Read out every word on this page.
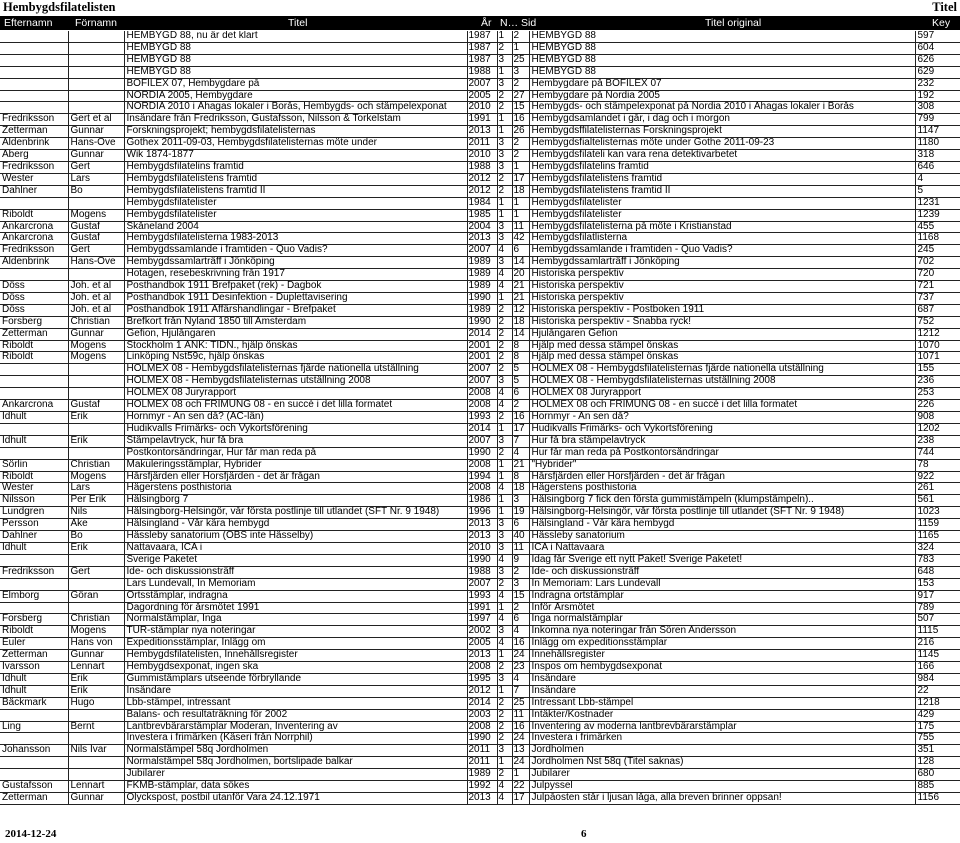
Hembygdsfilatelisten	Titel
Efternamn Förnamn	Titel	År N… Sid	Titel original	Key
		HEMBYGD 88, nu är det klart	1987	1	2	HEMBYGD 88	597
		HEMBYGD 88	1987	2	1	HEMBYGD 88	604
		HEMBYGD 88	1987	3	25	HEMBYGD 88	626
		HEMBYGD 88	1988	1	3	HEMBYGD 88	629
		BOFILEX 07, Hembygdare på	2007	3	2	Hembygdare på BOFILEX 07	232
		NORDIA 2005, Hembygdare	2005	2	27	Hembygdare på Nordia 2005	192
		NORDIA 2010 i Åhagas lokaler i Borås, Hembygds- och stämpelexponat	2010	2	15	Hembygds- och stämpelexponat på Nordia 2010 i Åhagas lokaler i Borås	308
Fredriksson	Gert et al	Insändare från Fredriksson, Gustafsson, Nilsson & Torkelstam	1991	1	16	Hembygdsamlandet i går, i dag och i morgon	799
Zetterman	Gunnar	Forskningsprojekt; hembygdsfilatelisternas	2013	1	26	Hembygdsffilatelisternas Forskningsprojekt	1147
Aldenbrink	Hans-Ove	Gothex 2011-09-03, Hembygdsfilatelisternas möte under	2011	3	2	Hembygdsfialtelisternas möte under Gothe 2011-09-23	1180
Åberg	Gunnar	Wik 1874-1877	2010	3	2	Hembygdsfilateli kan vara rena detektivarbetet	318
Fredriksson	Gert	Hembygdsfilatelins framtid	1988	3	1	Hembygdsfilatelins framtid	646
Wester	Lars	Hembygdsfilatelistens framtid	2012	2	17	Hembygdsfilatelistens framtid	4
Dahlner	Bo	Hembygdsfilatelistens framtid II	2012	2	18	Hembygdsfilatelistens framtid II	5
		Hembygdsfilatelister	1984	1	1	Hembygdsfilatelister	1231
Riboldt	Mogens	Hembygdsfilatelister	1985	1	1	Hembygdsfilatelister	1239
Ankarcrona	Gustaf	Skåneland 2004	2004	3	11	Hembygdsfilatelisterna på möte i Kristianstad	455
Ankarcrona	Gustaf	Hembygdsfilatelisterna 1983-2013	2013	3	42	Hembygdsfilatlisterna	1168
Fredriksson	Gert	Hembygdssamlande i framtiden - Quo Vadis?	2007	4	6	Hembygdssamlande i framtiden - Quo Vadis?	245
Aldenbrink	Hans-Ove	Hembygdssamlarträff i Jönköping	1989	3	14	Hembygdssamlarträff i Jönköping	702
		Hotagen, resebeskrivning från 1917	1989	4	20	Historiska perspektiv	720
Döss	Joh. et al	Posthandbok 1911 Brefpaket (rek) - Dagbok	1989	4	21	Historiska perspektiv	721
Döss	Joh. et al	Posthandbok 1911 Desinfektion - Duplettavisering	1990	1	21	Historiska perspektiv	737
Döss	Joh. et al	Posthandbok 1911 Affärshandlingar - Brefpaket	1989	2	12	Historiska perspektiv - Postboken 1911	687
Forsberg	Christian	Brefkort från Nyland 1850 till Amsterdam	1990	2	18	Historiska perspektiv - Snabba ryck!	752
Zetterman	Gunnar	Gefion, Hjulångaren	2014	2	14	Hjulångaren Gefion	1212
Riboldt	Mogens	Stockholm 1 ÄNK: TIDN., hjälp önskas	2001	2	8	Hjälp med dessa stämpel önskas	1070
Riboldt	Mogens	Linköping Nst59c, hjälp önskas	2001	2	8	Hjälp med dessa stämpel önskas	1071
		HOLMEX 08 - Hembygdsfilatelisternas fjärde nationella utställning	2007	2	5	HOLMEX 08 - Hembygdsfilatelisternas fjärde nationella utställning	155
		HOLMEX 08 - Hembygdsfilatelisternas utställning 2008	2007	3	5	HOLMEX 08 - Hembygdsfilatelisternas utställning 2008	236
		HOLMEX 08 Juryrapport	2008	4	6	HOLMEX 08 Juryrapport	253
Ankarcrona	Gustaf	HOLMEX 08 och FRIMUNG 08 - en succé i det lilla formatet	2008	4	2	HOLMEX 08 och FRIMUNG 08 - en succé i det lilla formatet	226
Idhult	Erik	Hornmyr - An sen då? (AC-län)	1993	2	16	Hornmyr - An sen då?	908
		Hudikvalls Frimärks- och Vykortsförening	2014	1	17	Hudikvalls Frimärks- och Vykortsförening	1202
Idhult	Erik	Stämpelavtryck, hur få bra	2007	3	7	Hur få bra stämpelavtryck	238
		Postkontorsändringar, Hur får man reda på	1990	2	4	Hur får man reda på Postkontorsändringar	744
Sörlin	Christian	Makuleringsstämplar, Hybrider	2008	1	21	"Hybrider"	78
Riboldt	Mogens	Hårsfjärden eller Horsfjärden - det är frågan	1994	1	8	Hårsfjärden eller Horsfjärden - det är frågan	922
Wester	Lars	Hägerstens posthistoria	2008	4	18	Hägerstens posthistoria	261
Nilsson	Per Erik	Hälsingborg 7	1986	1	3	Hälsingborg 7 fick den första gummistämpeln (klumpstämpeln)..	561
Lundgren	Nils	Hälsingborg-Helsingör, vår första postlinje till utlandet (SFT Nr. 9 1948)	1996	1	19	Hälsingborg-Helsingör, vår första postlinje till utlandet (SFT Nr. 9 1948)	1023
Persson	Åke	Hälsingland - Vår kära hembygd	2013	3	6	Hälsingland - Vår kära hembygd	1159
Dahlner	Bo	Hässleby sanatorium (OBS inte Hässelby)	2013	3	40	Hässleby sanatorium	1165
Idhult	Erik	Nattavaara, ICA i	2010	3	11	ICA i Nattavaara	324
		Sverige Paketet	1990	4	9	Idag får Sverige ett nytt Paket! Sverige Paketet!	783
Fredriksson	Gert	Ide- och diskussionsträff	1988	3	2	Ide- och diskussionsträff	648
		Lars Lundevall, In Memoriam	2007	2	3	In Memoriam: Lars Lundevall	153
Elmborg	Göran	Ortsstämplar, indragna	1993	4	15	Indragna ortstämplar	917
		Dagordning för årsmötet 1991	1991	1	2	Inför Årsmötet	789
Forsberg	Christian	Normalstämplar, Inga	1997	4	6	Inga normalstämplar	507
Riboldt	Mogens	TUR-stämplar nya noteringar	2002	3	4	Inkomna nya noteringar från Sören Andersson	1115
Euler	Hans von	Expeditionsstämplar, Inlägg om	2005	4	16	Inlägg om expeditionsstämplar	216
Zetterman	Gunnar	Hembygdsfilatelisten, Innehållsregister	2013	1	24	Innehållsregister	1145
Ivarsson	Lennart	Hembygdsexponat, ingen ska	2008	2	23	Inspos om hembygdsexponat	166
Idhult	Erik	Gummistämplars utseende förbryllande	1995	3	4	Insändare	984
Idhult	Erik	Insändare	2012	1	7	Insändare	22
Bäckmark	Hugo	Lbb-stämpel, intressant	2014	2	25	Intressant Lbb-stämpel	1218
		Balans- och resultaträkning för 2002	2003	2	11	Intäkter/Kostnader	429
Ling	Bernt	Lantbrevbärarstämplar Moderan, Inventering av	2008	2	16	Inventering av moderna lantbrevbärarstämplar	175
		Investera i frimärken (Käseri från Norrphil)	1990	2	24	Investera i frimärken	755
Johansson	Nils Ivar	Normalstämpel 58q Jordholmen	2011	3	13	Jordholmen	351
		Normalstämpel 58q Jordholmen, bortslipade balkar	2011	1	24	Jordholmen Nst 58q (Titel saknas)	128
		Jubilarer	1989	2	1	Jubilarer	680
Gustafsson	Lennart	FKMB-stämplar, data sökes	1992	4	22	Julpyssel	885
Zetterman	Gunnar	Olyckspost, postbil utanför Vara 24.12.1971	2013	4	17	Julpåosten står i ljusan låga, alla breven brinner oppsan!	1156
2014-12-24	6
